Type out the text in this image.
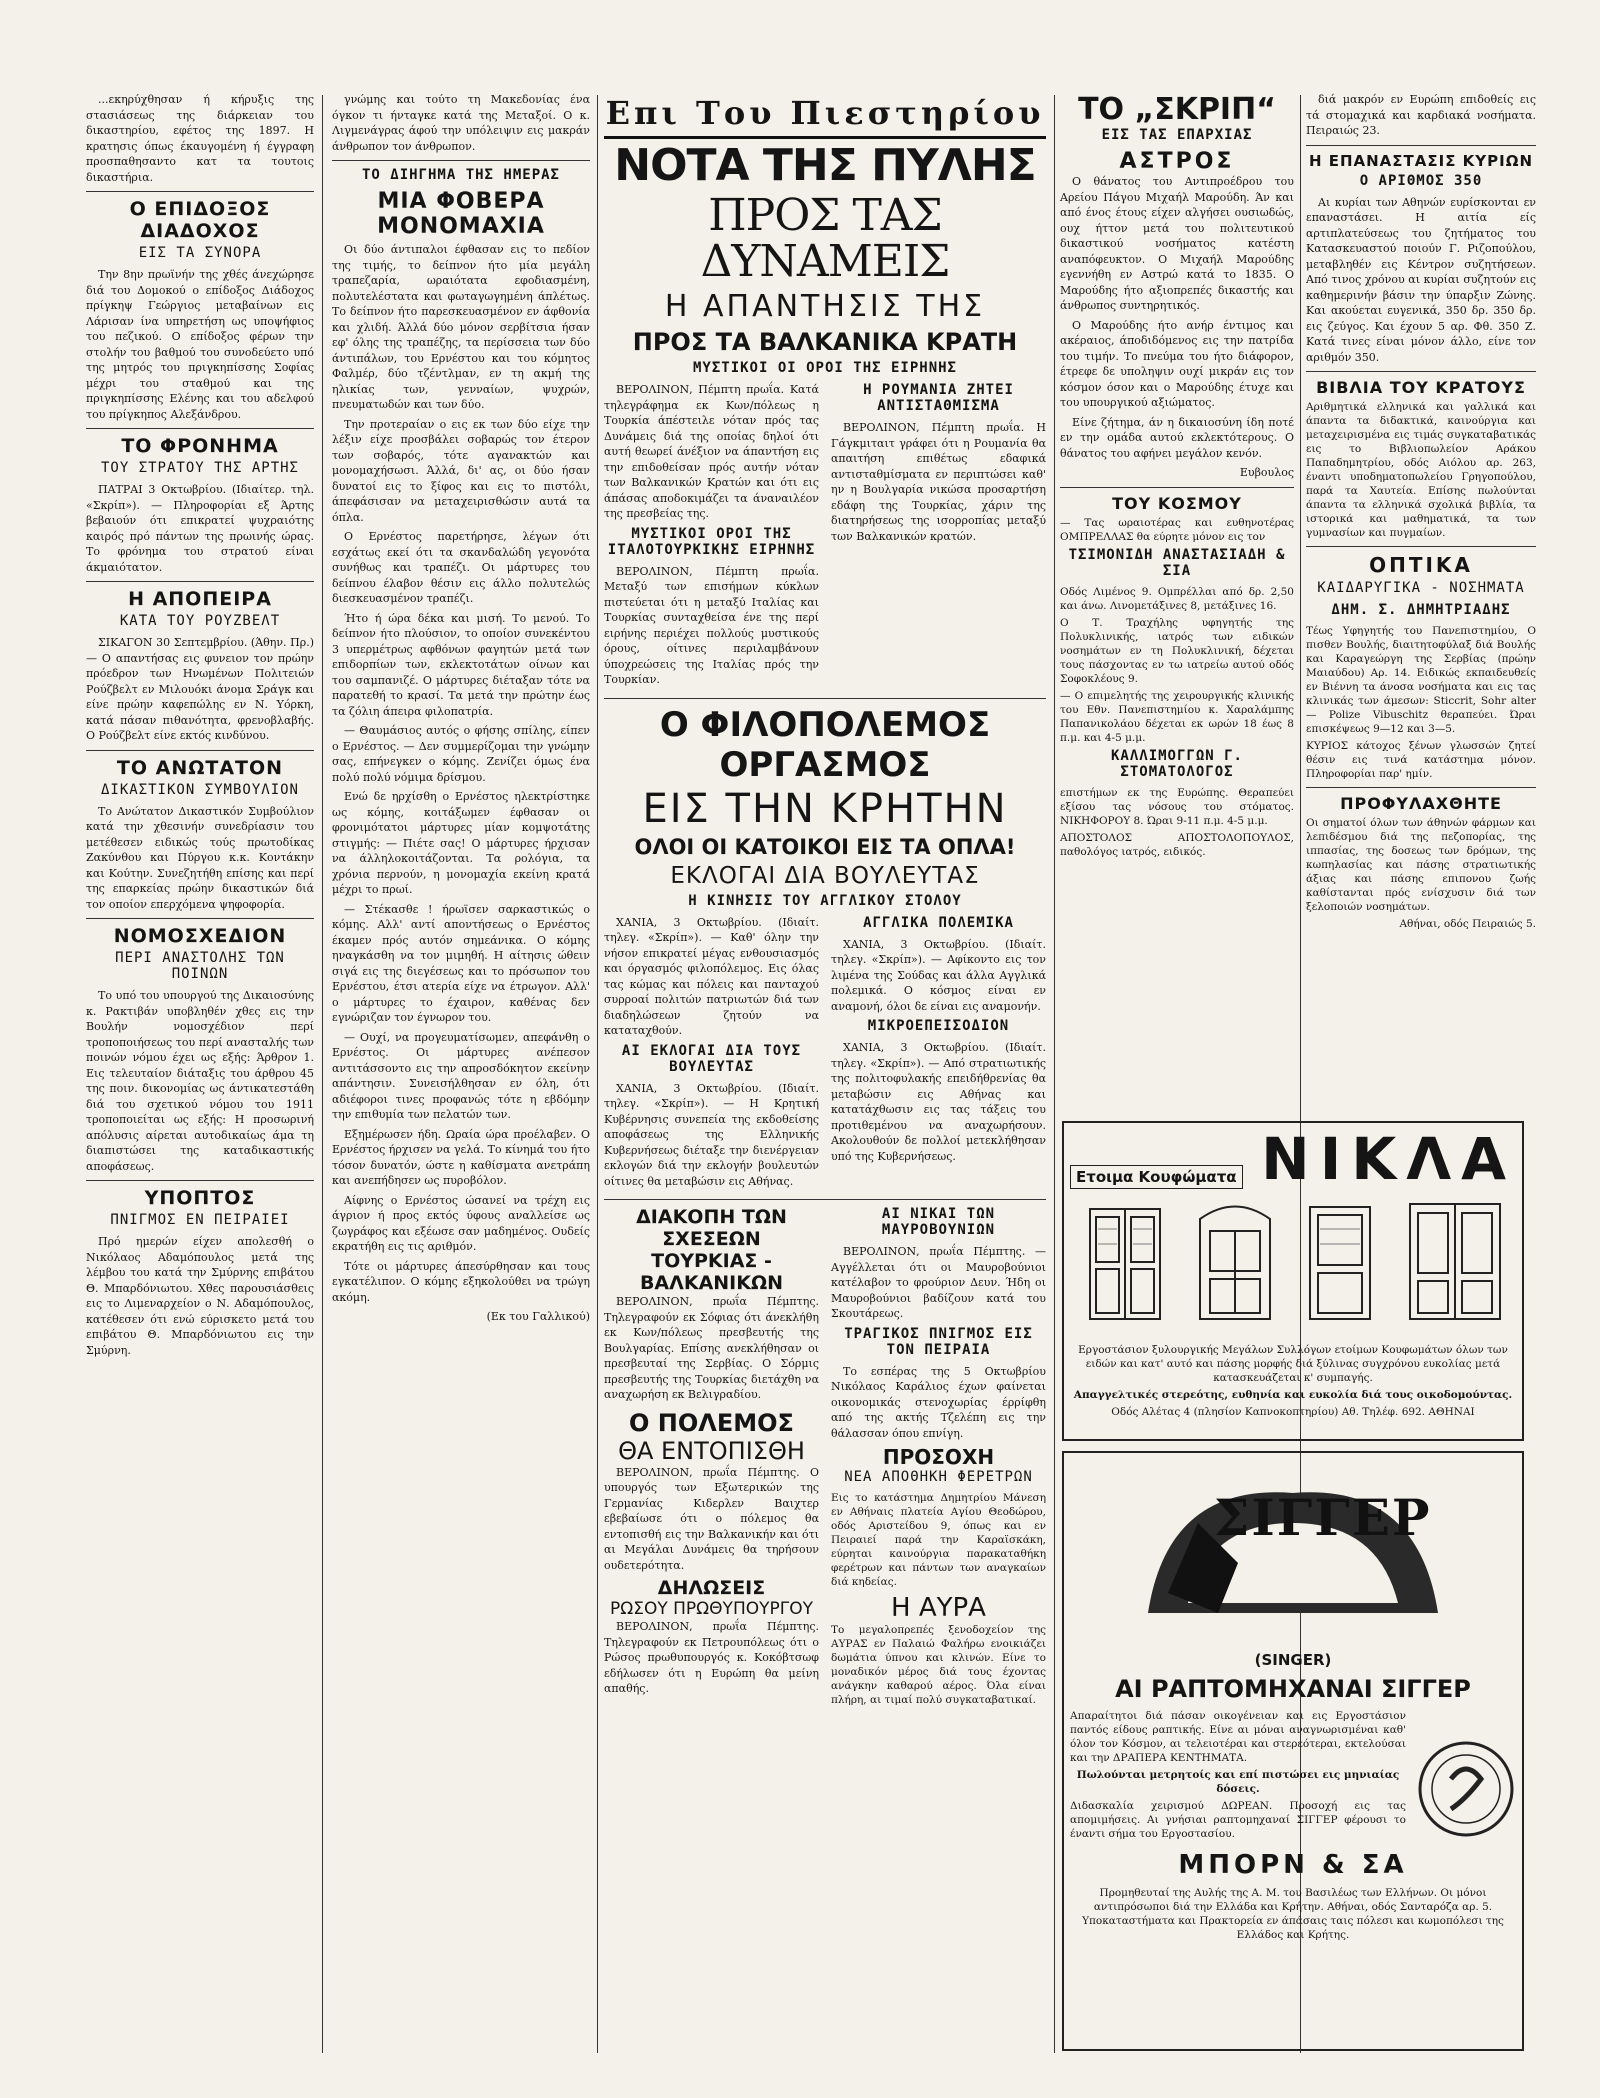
...εκηρύχθησαν ή κήρυξις της στασιάσεως της διάρκειαν του δικαστηρίου, εφέτος της 1897. Η κρατησις όπως έκαυγομένη ή έγγραφη προσπαθησαντο κατ τα τουτοις δικαστήρια.

Ο ΕΠΙΔΟΞΟΣ ΔΙΑΔΟΧΟΣ
ΕΙΣ ΤΑ ΣΥΝΟΡΑ

Την 8ην πρωϊνήν της χθές άνεχώρησε διά του Δομοκού ο επίδοξος Διάδοχος πρίγκηψ Γεώργιος μεταβαίνων εις Λάρισαν ίνα υπηρετήση ως υποψήφιος του πεζικού. Ο επίδοξος φέρων την στολήν του βαθμού του συνοδεύετο υπό της μητρός του πριγκηπίσσης Σοφίας μέχρι του σταθμού και της πριγκηπίσσης Ελένης και του αδελφού του πρίγκηπος Αλεξάνδρου.

ΤΟ ΦΡΟΝΗΜΑ
ΤΟΥ ΣΤΡΑΤΟΥ ΤΗΣ ΑΡΤΗΣ

ΠΑΤΡΑΙ 3 Οκτωβρίου. (Ιδιαίτερ. τηλ. «Σκρίπ»). — Πληροφορίαι εξ Άρτης βεβαιούν ότι επικρατεί ψυχραιότης καιρός πρό πάντων της πρωινής ώρας. Το φρόνημα του στρατού είναι άκμαιότατον.

Η ΑΠΟΠΕΙΡΑ
ΚΑΤΑ ΤΟΥ ΡΟΥΖΒΕΛΤ

ΣΙΚΑΓΟΝ 30 Σεπτεμβρίου. (Άθην. Πρ.) — Ο απαντήσας εις φυνειον τον πρώην πρόεδρον των Ηνωμένων Πολιτειών Ρούζβελτ εν Μιλουόκι άνομα Σράγκ και είνε πρώην καφεπώλης εν Ν. Υόρκη, κατά πάσαν πιθανότητα, φρενοβλαβής. Ο Ρούζβελτ είνε εκτός κινδύνου.

ΤΟ ΑΝΩΤΑΤΟΝ
ΔΙΚΑΣΤΙΚΟΝ ΣΥΜΒΟΥΛΙΟΝ

Το Ανώτατον Δικαστικόν Συμβούλιον κατά την χθεσινήν συνεδρίασιν του μετέθεσεν ειδικώς τούς πρωτοδίκας Ζακύνθου και Πύργου κ.κ. Κοντάκην και Κούτην. Συνεζητήθη επίσης και περί της επαρκείας πρώην δικαστικών διά τον οποίον επερχόμενα ψηφοφορία.

ΝΟΜΟΣΧΕΔΙΟΝ
ΠΕΡΙ ΑΝΑΣΤΟΛΗΣ ΤΩΝ ΠΟΙΝΩΝ

Το υπό του υπουργού της Δικαιοσύνης κ. Ρακτιβάν υποβληθέν χθες εις την Βουλήν νομοσχέδιον περί τροποποιήσεως του περί ανασταλής των ποινών νόμου έχει ως εξής: Άρθρον 1. Εις τελευταίον διάταξις του άρθρου 45 της ποιν. δικονομίας ως άντικατεστάθη διά του σχετικού νόμου του 1911 τροποποιείται ως εξής: Η προσωρινή απόλυσις αίρεται αυτοδικαίως άμα τη διαπιστώσει της καταδικαστικής αποφάσεως.

ΥΠΟΠΤΟΣ
ΠΝΙΓΜΟΣ ΕΝ ΠΕΙΡΑΙΕΙ

Πρό ημερών είχεν απολεσθή ο Νικόλαος Αδαμόπουλος μετά της λέμβου του κατά την Σμύρνης επιβάτου Θ. Μπαρδόνιωτου. Χθες παρουσιάσθεις εις το Λιμεναρχείον ο Ν. Αδαμόπουλος, κατέθεσεν ότι ενώ εύρισκετο μετά του επιβάτου Θ. Μπαρδόνιωτου εις την Σμύρνη.

γνώμης και τούτο τη Μακεδονίας ένα όγκον τι ήνταγκε κατά της Μεταξοί. Ο κ. Λιγμενάγρας άφού την υπόλειψιν εις μακράν άνθρωπον τον άνθρωπον.

ΤΟ ΔΙΗΓΗΜΑ ΤΗΣ ΗΜΕΡΑΣ
ΜΙΑ ΦΟΒΕΡΑ ΜΟΝΟΜΑΧΙΑ

Οι δύο άντιπαλοι έφθασαν εις το πεδίον της τιμής, το δείπνον ήτο μία μεγάλη τραπεζαρία, ωραιότατα εφοδιασμένη, πολυτελέστατα και φωταγωγημένη άπλέτως. Το δείπνον ήτο παρεσκευασμένον εν άφθονία και χλιδή. Άλλά δύο μόνον σερβίτσια ήσαν εφ' όλης της τραπέζης, τα περίσσεια των δύο άντιπάλων, του Ερνέστου και του κόμητος Φαλμέρ, δύο τζέντλμαν, εν τη ακμή της ηλικίας των, γενναίων, ψυχρών, πνευματωδών και των δύο.

Την προτεραίαν ο εις εκ των δύο είχε την λέξιν είχε προσβάλει σοβαρώς τον έτερον των σοβαρός, τότε αγανακτών και μονομαχήσωσι. Άλλά, δι' ας, οι δύο ήσαν δυνατοί εις το ξίφος και εις το πιστόλι, άπεφάσισαν να μεταχειρισθώσιν αυτά τα όπλα.

Ο Ερνέστος παρετήρησε, λέγων ότι εσχάτως εκεί ότι τα σκανδαλώδη γεγονότα συνήθως και τραπέζι. Οι μάρτυρες του δείπνου έλαβον θέσιν εις άλλο πολυτελώς διεσκευασμένον τραπέζι.

Ήτο ή ώρα δέκα και μισή. Το μενού. Το δείπνον ήτο πλούσιον, το οποίον συνεκέντου 3 υπερμέτρως αφθόνων φαγητών μετά των επιδορπίων των, εκλεκτοτάτων οίνων και του σαμπανιζέ. Ο μάρτυρες διέταξαν τότε να παρατεθή το κρασί. Τα μετά την πρώτην έως τα ζόλιη άπειρα φιλοπατρία.

— Θαυμάσιος αυτός ο φήσης σπίλης, είπεν ο Ερνέστος. — Δεν συμμερίζομαι την γνώμην σας, επήνεγκεν ο κόμης. Ζενίζει όμως ένα πολύ πολύ νόμιμα δρίσμου.

Ενώ δε ηρχίσθη ο Ερνέστος ηλεκτρίστηκε ως κόμης, κοιτάξωμεν έφθασαν οι φρονιμότατοι μάρτυρες μίαν κομψοτάτης στιγμής: — Πιέτε σας! Ο μάρτυρες ήρχισαν να άλληλοκοιτάζονται. Τα ρολόγια, τα χρόνια περνούν, η μονομαχία εκείνη κρατά μέχρι το πρωί.

— Στέκασθε ! ήρωϊσεν σαρκαστικώς ο κόμης. Αλλ' αντί αποντήσεως ο Ερνέστος έκαμεν πρός αυτόν σημεάνικα. Ο κόμης ηναγκάσθη να τον μιμηθή. Η αίτησις ώθειν σιγά εις της διεγέσεως και το πρόσωπον του Ερνέστου, έτσι ατερία είχε να έτρωγον. Αλλ' ο μάρτυρες το έχαιρον, καθένας δεν εγνώριζαν τον έγνωρον του.

— Ουχί, να προγευματίσωμεν, απεφάνθη ο Ερνέστος. Οι μάρτυρες ανέπεσον αντιτάσσοντο εις την απροσδόκητον εκείνην απάντησιν. Συνεισήλθησαν εν όλη, ότι αδιέφοροι τινες προφανώς τότε η εβδόμην την επιθυμία των πελατών των.

Εξημέρωσεν ήδη. Ωραία ώρα προέλαβεν. Ο Ερνέστος ήρχισεν να γελά. Το κίνημά του ήτο τόσον δυνατόν, ώστε η καθίσματα ανετράπη και ανεπήδησεν ως πυροβόλον.

Αίφνης ο Ερνέστος ώσανεί να τρέχη εις άγριον ή προς εκτός ύφους αναλλείσε ως ζωγράφος και εξέωσε σαν μαδημένος. Ουδείς εκρατήθη εις τις αριθμόν.

Τότε οι μάρτυρες άπεσύρθησαν και τους εγκατέλιπον. Ο κόμης εξηκολούθει να τρώγη ακόμη.

(Εκ του Γαλλικού)

Επι Του Πιεστηρίου
ΝΟΤΑ ΤΗΣ ΠΥΛΗΣ
ΠΡΟΣ ΤΑΣ ΔΥΝΑΜΕΙΣ
Η ΑΠΑΝΤΗΣΙΣ ΤΗΣ
ΠΡΟΣ ΤΑ ΒΑΛΚΑΝΙΚΑ ΚΡΑΤΗ
ΜΥΣΤΙΚΟΙ ΟΙ ΟΡΟΙ ΤΗΣ ΕΙΡΗΝΗΣ

ΒΕΡΟΛΙΝΟΝ, Πέμπτη πρωΐα. Κατά τηλεγράφημα εκ Κων/πόλεως η Τουρκία άπέστειλε νόταν πρός τας Δυνάμεις διά της οποίας δηλοί ότι αυτή θεωρεί άνέξιον να άπαντήση εις την επιδοθείσαν πρός αυτήν νόταν των Βαλκανικών Κρατών και ότι εις άπάσας αποδοκιμάζει τα άναναιλέον της πρεσβείας της.

ΜΥΣΤΙΚΟΙ ΟΡΟΙ ΤΗΣ ΙΤΑΛΟΤΟΥΡΚΙΚΗΣ ΕΙΡΗΝΗΣ

ΒΕΡΟΛΙΝΟΝ, Πέμπτη πρωΐα. Μεταξύ των επισήμων κύκλων πιστεύεται ότι η μεταξύ Ιταλίας και Τουρκίας συνταχθείσα ένε της περί ειρήνης περιέχει πολλούς μυστικούς όρους, οίτινες περιλαμβάνουν ύποχρεώσεις της Ιταλίας πρός την Τουρκίαν.

Η ΡΟΥΜΑΝΙΑ ΖΗΤΕΙ ΑΝΤΙΣΤΑΘΜΙΣΜΑ

ΒΕΡΟΛΙΝΟΝ, Πέμπτη πρωΐα. Η Γάγκμιταιτ γράφει ότι η Ρουμανία θα απαιτήση επιθέτως εδαφικά αντισταθμίσματα εν περιπτώσει καθ' ην η Βουλγαρία νικώσα προσαρτήση εδάφη της Τουρκίας, χάριν της διατηρήσεως της ισορροπίας μεταξύ των Βαλκανικών κρατών.

Ο ΦΙΛΟΠΟΛΕΜΟΣ ΟΡΓΑΣΜΟΣ
ΕΙΣ ΤΗΝ ΚΡΗΤΗΝ
ΟΛΟΙ ΟΙ ΚΑΤΟΙΚΟΙ ΕΙΣ ΤΑ ΟΠΛΑ!
ΕΚΛΟΓΑΙ ΔΙΑ ΒΟΥΛΕΥΤΑΣ
Η ΚΙΝΗΣΙΣ ΤΟΥ ΑΓΓΛΙΚΟΥ ΣΤΟΛΟΥ

ΧΑΝΙΑ, 3 Οκτωβρίου. (Ιδιαίτ. τηλεγ. «Σκρίπ»). — Καθ' όλην την νήσον επικρατεί μέγας ενθουσιασμός και όργασμός φιλοπόλεμος. Εις όλας τας κώμας και πόλεις και πανταχού συρροαί πολιτών πατριωτών διά των διαδηλώσεων ζητούν να καταταχθούν.

ΑΙ ΕΚΛΟΓΑΙ ΔΙΑ ΤΟΥΣ ΒΟΥΛΕΥΤΑΣ

ΧΑΝΙΑ, 3 Οκτωβρίου. (Ιδιαίτ. τηλεγ. «Σκρίπ»). — Η Κρητική Κυβέρνησις συνεπεία της εκδοθείσης αποφάσεως της Ελληνικής Κυβερνήσεως διέταξε την διενέργειαν εκλογών διά την εκλογήν βουλευτών οίτινες θα μεταβώσιν εις Αθήνας.

ΑΓΓΛΙΚΑ ΠΟΛΕΜΙΚΑ

ΧΑΝΙΑ, 3 Οκτωβρίου. (Ιδιαίτ. τηλεγ. «Σκρίπ»). — Αφίκοντο εις τον λιμένα της Σούδας και άλλα Αγγλικά πολεμικά. Ο κόσμος είναι εν αναμονή, όλοι δε είναι εις αναμονήν.

ΜΙΚΡΟΕΠΕΙΣΟΔΙΟΝ

ΧΑΝΙΑ, 3 Οκτωβρίου. (Ιδιαίτ. τηλεγ. «Σκρίπ»). — Από στρατιωτικής της πολιτοφυλακής επειδήθρενίας θα μεταβώσιν εις Αθήνας και κατατάχθωσιν εις τας τάξεις του προτιθεμένου να αναχωρήσουν. Ακολουθούν δε πολλοί μετεκλήθησαν υπό της Κυβερνήσεως.

ΔΙΑΚΟΠΗ ΤΩΝ ΣΧΕΣΕΩΝ
ΤΟΥΡΚΙΑΣ - ΒΑΛΚΑΝΙΚΩΝ

ΒΕΡΟΛΙΝΟΝ, πρωΐα Πέμπτης. Τηλεγραφούν εκ Σόφιας ότι άνεκλήθη εκ Κων/πόλεως πρεσβευτής της Βουλγαρίας. Επίσης ανεκλήθησαν οι πρεσβευταί της Σερβίας. Ο Σόρμις πρεσβευτής της Τουρκίας διετάχθη να αναχωρήση εκ Βελιγραδίου.

Ο ΠΟΛΕΜΟΣ
ΘΑ ΕΝΤΟΠΙΣΘΗ

ΒΕΡΟΛΙΝΟΝ, πρωΐα Πέμπτης. Ο υπουργός των Εξωτερικών της Γερμανίας Κιδερλεν Βαιχτερ εβεβαίωσε ότι ο πόλεμος θα εντοπισθή εις την Βαλκανικήν και ότι αι Μεγάλαι Δυνάμεις θα τηρήσουν ουδετερότητα.

ΔΗΛΩΣΕΙΣ
ΡΩΣΟΥ ΠΡΩΘΥΠΟΥΡΓΟΥ

ΒΕΡΟΛΙΝΟΝ, πρωΐα Πέμπτης. Τηλεγραφούν εκ Πετρουπόλεως ότι ο Ρώσος πρωθυπουργός κ. Κοκόβτσωφ εδήλωσεν ότι η Ευρώπη θα μείνη απαθής.

ΑΙ ΝΙΚΑΙ ΤΩΝ ΜΑΥΡΟΒΟΥΝΙΩΝ

ΒΕΡΟΛΙΝΟΝ, πρωΐα Πέμπτης. — Αγγέλλεται ότι οι Μαυροβούνιοι κατέλαβον το φρούριον Δευν. Ήδη οι Μαυροβούνιοι βαδίζουν κατά του Σκουτάρεως.

ΤΡΑΓΙΚΟΣ ΠΝΙΓΜΟΣ ΕΙΣ ΤΟΝ ΠΕΙΡΑΙΑ

Το εσπέρας της 5 Οκτωβρίου Νικόλαος Καράλιος έχων φαίνεται οικονομικάς στενοχωρίας έρρίφθη από της ακτής Τζελέπη εις την θάλασσαν όπου επνίγη.

ΠΡΟΣΟΧΗ
ΝΕΑ ΑΠΟΘΗΚΗ ΦΕΡΕΤΡΩΝ

Εις το κατάστημα Δημητρίου Μάνεση εν Αθήναις πλατεία Αγίου Θεοδώρου, οδός Αριστείδου 9, όπως και εν Πειραιεί παρά την Καραϊσκάκη, εύρηται καινούργια παρακαταθήκη φερέτρων και πάντων των αναγκαίων διά κηδείας.

Η ΑΥΡΑ

Το μεγαλοπρεπές ξενοδοχείον της ΑΥΡΑΣ εν Παλαιώ Φαλήρω ενοικιάζει δωμάτια ύπνου και κλινών. Είνε το μοναδικόν μέρος διά τους έχοντας ανάγκην καθαρού αέρος. Όλα είναι πλήρη, αι τιμαί πολύ συγκαταβατικαί.

ΤΟ „ΣΚΡΙΠ“
ΕΙΣ ΤΑΣ ΕΠΑΡΧΙΑΣ
ΑΣΤΡΟΣ

Ο θάνατος του Αντιπροέδρου του Αρείου Πάγου Μιχαήλ Μαρούδη. Άν και από ένος έτους είχεν αλγήσει ουσιωδώς, ουχ ήττον μετά του πολιτευτικού δικαστικού νοσήματος κατέστη αναπόφευκτον. Ο Μιχαήλ Μαρούδης εγεννήθη εν Αστρώ κατά το 1835. Ο Μαρούδης ήτο αξιοπρεπές δικαστής και άνθρωπος συντηρητικός.

Ο Μαρούδης ήτο ανήρ έντιμος και ακέραιος, άποδιδόμενος εις την πατρίδα του τιμήν. Το πνεύμα του ήτο διάφορον, έτρεφε δε υποληψιν ουχί μικράν εις τον κόσμον όσον και ο Μαρούδης έτυχε και του υπουργικού αξιώματος.

Είνε ζήτημα, άν η δικαιοσύνη ίδη ποτέ εν την ομάδα αυτού εκλεκτότερους. Ο θάνατος του αφήνει μεγάλον κενόν.

Ευβουλος

ΤΟΥ ΚΟΣΜΟΥ

— Τας ωραιοτέρας και ευθηνοτέρας ΟΜΠΡΕΛΛΑΣ θα εύρητε μόνον εις τον

ΤΣΙΜΟΝΙΔΗ ΑΝΑΣΤΑΣΙΑΔΗ & ΣΙΑ

Οδός Λιμένος 9. Ομπρέλλαι από δρ. 2,50 και άνω. Λινομετάξινες 8, μετάξινες 16.

Ο Τ. Τραχήλης υφηγητής της Πολυκλινικής, ιατρός των ειδικών νοσημάτων εν τη Πολυκλινική, δέχεται τους πάσχοντας εν τω ιατρείω αυτού οδός Σοφοκλέους 9.

— Ο επιμελητής της χειρουργικής κλινικής του Εθν. Πανεπιστημίου κ. Χαραλάμπης Παπανικολάου δέχεται εκ ωρών 18 έως 8 π.μ. και 4-5 μ.μ.

ΚΑΛΛΙΜΟΓΓΩΝ Γ. ΣΤΟΜΑΤΟΛΟΓΟΣ

επιστήμων εκ της Ευρώπης. Θεραπεύει εξίσου τας νόσους του στόματος. ΝΙΚΗΦΟΡΟΥ 8. Ώραι 9-11 π.μ. 4-5 μ.μ.

ΑΠΟΣΤΟΛΟΣ ΑΠΟΣΤΟΛΟΠΟΥΛΟΣ, παθολόγος ιατρός, ειδικός.

διά μακρόν εν Ευρώπη επιδοθείς εις τά στομαχικά και καρδιακά νοσήματα. Πειραιώς 23.

Η ΕΠΑΝΑΣΤΑΣΙΣ ΚΥΡΙΩΝ
Ο ΑΡΙΘΜΟΣ 350

Αι κυρίαι των Αθηνών ευρίσκονται εν επαναστάσει. Η αιτία είς αρτιπλατεύσεως του ζητήματος του Κατασκευαστού ποιούν Γ. Ριζοπούλου, μεταβληθέν εις Κέντρον συζητήσεων. Από τινος χρόνου αι κυρίαι συζητούν εις καθημερινήν βάσιν την ύπαρξιν Ζώνης. Και ακούεται ευγενικά, 350 δρ. 350 δρ. εις ζεύγος. Και έχουν 5 αρ. Φθ. 350 Ζ. Κατά τινες είναι μόνον άλλο, είνε τον αριθμόν 350.

ΒΙΒΛΙΑ ΤΟΥ ΚΡΑΤΟΥΣ

Αριθμητικά ελληνικά και γαλλικά και άπαντα τα διδακτικά, καινούργια και μεταχειρισμένα εις τιμάς συγκαταβατικάς εις το Βιβλιοπωλείον Αράκου Παπαδημητρίου, οδός Αιόλου αρ. 263, έναντι υποδηματοπωλείου Γρηγοπούλου, παρά τα Χαυτεία. Επίσης πωλούνται άπαντα τα ελληνικά σχολικά βιβλία, τα ιστορικά και μαθηματικά, τα των γυμνασίων και πυγμαίων.

ΟΠΤΙΚΑ
ΚΑΙΔΑΡΥΓΙΚΑ - ΝΟΣΗΜΑΤΑ
ΔΗΜ. Σ. ΔΗΜΗΤΡΙΑΔΗΣ

Τέως Υφηγητής του Πανεπιστημίου, Ο πισθεν Βουλής, διαιτητοφύλαξ διά Βουλής και Καραγεώργη της Σερβίας (πρώην Μαιαύδου) Αρ. 14. Ειδικώς εκπαιδευθείς εν Βιέννη τα άνοσα νοσήματα και εις τας κλινικάς των άμεσων: Sticcrit, Sohr alter — Polize Vibuschitz θεραπεύει. Ώραι επισκέψεως 9—12 και 3—5.

ΚΥΡΙΟΣ κάτοχος ξένων γλωσσών ζητεί θέσιν εις τινά κατάστημα μόνον. Πληροφορίαι παρ' ημίν.

ΠΡΟΦΥΛΑΧΘΗΤΕ

Οι σηματοί όλων των άθηνών φάρμων και λεπιδέσμου διά της πεζοπορίας, της ιππασίας, της δοσεως των δρόμων, της κωπηλασίας και πάσης στρατιωτικής άξιας και πάσης επιπονου ζωής καθίστανται πρός ενίσχυσιν διά των ξελοποιών νοσημάτων.

Αθήναι, οδός Πειραιώς 5.

Ετοιμα Κουφώματα ΝΙΚΛΑ

Εργοστάσιον ξυλουργικής Μεγάλων Συλλόγων ετοίμων Κουφωμάτων όλων των ειδών και κατ' αυτό και πάσης μορφής διά ξύλινας συγχρόνου ευκολίας μετά κατασκευάζεται κ' συμπαγής.

Απαγγελτικές στερεότης, ευθηνία και ευκολία διά τους οικοδομούντας.

Οδός Αλέτας 4 (πλησίον Καπνοκοπτηρίου) Αθ. Τηλέφ. 692. ΑΘΗΝΑΙ

ΣΙΓΓΕΡ
(SINGER)
ΑΙ ΡΑΠΤΟΜΗΧΑΝΑΙ ΣΙΓΓΕΡ

Απαραίτητοι διά πάσαν οικογένειαν και εις Εργοστάσιον παντός είδους ραπτικής. Είνε αι μόναι αναγνωρισμέναι καθ' όλον τον Κόσμον, αι τελειοτέραι και στερεότεραι, εκτελούσαι και την ΔΡΑΠΕΡΑ ΚΕΝΤΗΜΑΤΑ.

Πωλούνται μετρητοίς και επί πιστώσει εις μηνιαίας δόσεις.

Διδασκαλία χειρισμού ΔΩΡΕΑΝ. Προσοχή εις τας απομιμήσεις. Αι γνήσιαι ραπτομηχαναί ΣΙΓΓΕΡ φέρουσι το έναντι σήμα του Εργοστασίου.

ΜΠΟΡΝ & ΣΑ

Προμηθευταί της Αυλής της Α. Μ. του Βασιλέως των Ελλήνων. Οι μόνοι αντιπρόσωποι διά την Ελλάδα και Κρήτην. Αθήναι, οδός Σανταρόζα αρ. 5. Υποκαταστήματα και Πρακτορεία εν άπάσαις ταις πόλεσι και κωμοπόλεσι της Ελλάδος και Κρήτης.
